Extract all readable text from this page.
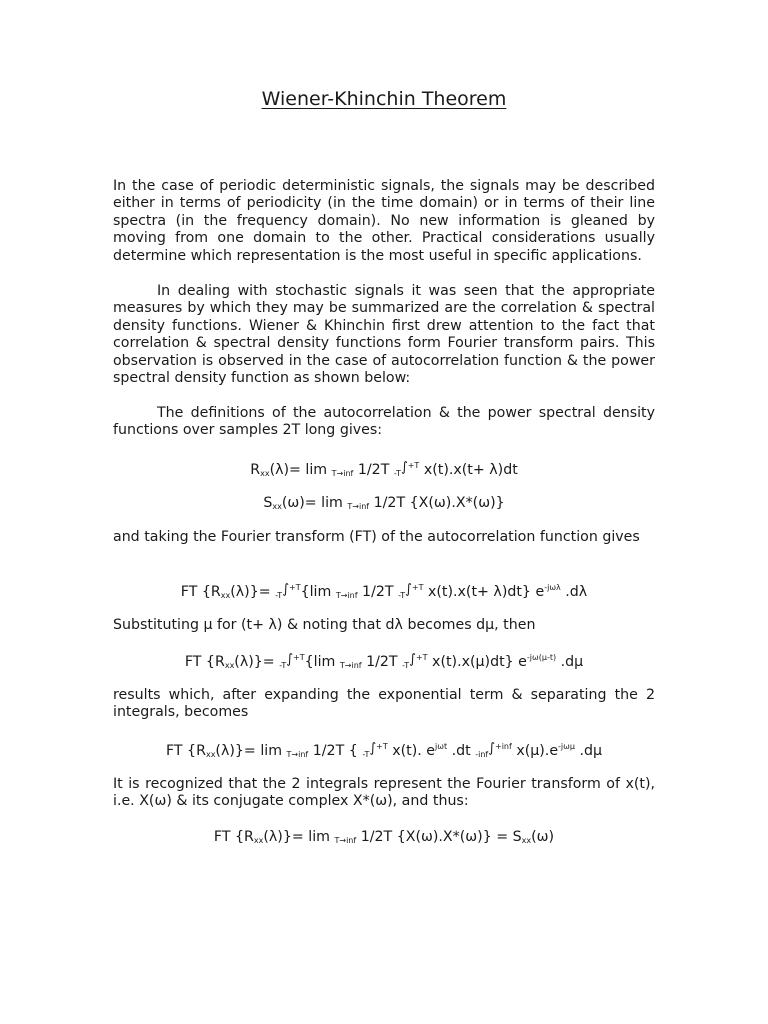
Wiener-Khinchin Theorem
In the case of periodic deterministic signals, the signals may be described either in terms of periodicity (in the time domain) or in terms of their line spectra (in the frequency domain). No new information is gleaned by moving from one domain to the other. Practical considerations usually determine which representation is the most useful in specific applications.
In dealing with stochastic signals it was seen that the appropriate measures by which they may be summarized are the correlation & spectral density functions. Wiener & Khinchin first drew attention to the fact that correlation & spectral density functions form Fourier transform pairs. This observation is observed in the case of autocorrelation function & the power spectral density function as shown below:
The definitions of the autocorrelation & the power spectral density functions over samples 2T long gives:
$R_{xx}(\lambda)= \lim _{T\to inf}$ 1/2T $_{-T}$∫$^{+T}$ x(t).x(t+ λ)dt
$S_{xx}(\omega)= \lim _{T\to inf}$ 1/2T {X(ω).X*(ω)}
and taking the Fourier transform (FT) of the autocorrelation function gives
FT $\{R_{xx}(\lambda)\}= _{-T}\int^{+T}\{\lim$ $_{T\to inf}$ 1/2T $_{-T}$∫$^{+T}$ x(t).x(t+ λ)dt} $e^{-j\omega\lambda}$ .dλ
Substituting μ for (t+ λ) & noting that dλ becomes dμ, then
FT $\{R_{xx}(\lambda)\}= _{-T}\int^{+T}\{\lim$ $_{T\to inf}$ 1/2T $_{-T}$∫$^{+T}$ x(t).x(μ)dt} $e^{-j\omega(\mu-t)}$ .dμ
results which, after expanding the exponential term & separating the 2 integrals, becomes
FT $\{R_{xx}(\lambda)\}= \lim _{T\to inf}$ 1/2T { $_{-T}$∫$^{+T}$ x(t). $e^{j\omega t}$ .dt $_{-inf}$∫$^{+inf}$ $x(\mu).e^{-j\omega\mu}$ .dμ
It is recognized that the 2 integrals represent the Fourier transform of x(t), i.e. X(ω) & its conjugate complex X*(ω), and thus:
FT $\{R_{xx}(\lambda)\}= \lim _{T\to inf}$ 1/2T $\{X(\omega).X*(\omega)\} = S_{xx}(\omega)$
